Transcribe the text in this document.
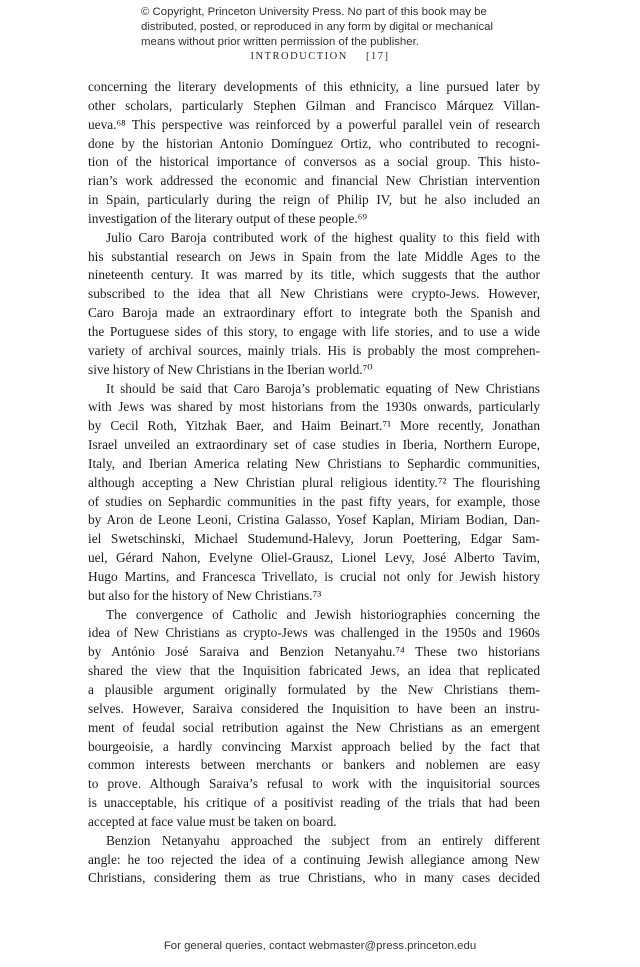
© Copyright, Princeton University Press. No part of this book may be
distributed, posted, or reproduced in any form by digital or mechanical
means without prior written permission of the publisher.
INTRODUCTION [17]
concerning the literary developments of this ethnicity, a line pursued later by
other scholars, particularly Stephen Gilman and Francisco Márquez Villan-
ueva.⁶⁸ This perspective was reinforced by a powerful parallel vein of research
done by the historian Antonio Domínguez Ortiz, who contributed to recogni-
tion of the historical importance of conversos as a social group. This histo-
rian’s work addressed the economic and financial New Christian intervention
in Spain, particularly during the reign of Philip IV, but he also included an
investigation of the literary output of these people.⁶⁹
Julio Caro Baroja contributed work of the highest quality to this field with
his substantial research on Jews in Spain from the late Middle Ages to the
nineteenth century. It was marred by its title, which suggests that the author
subscribed to the idea that all New Christians were crypto-Jews. However,
Caro Baroja made an extraordinary effort to integrate both the Spanish and
the Portuguese sides of this story, to engage with life stories, and to use a wide
variety of archival sources, mainly trials. His is probably the most comprehen-
sive history of New Christians in the Iberian world.⁷⁰
It should be said that Caro Baroja’s problematic equating of New Christians
with Jews was shared by most historians from the 1930s onwards, particularly
by Cecil Roth, Yitzhak Baer, and Haim Beinart.⁷¹ More recently, Jonathan
Israel unveiled an extraordinary set of case studies in Iberia, Northern Europe,
Italy, and Iberian America relating New Christians to Sephardic communities,
although accepting a New Christian plural religious identity.⁷² The flourishing
of studies on Sephardic communities in the past fifty years, for example, those
by Aron de Leone Leoni, Cristina Galasso, Yosef Kaplan, Miriam Bodian, Dan-
iel Swetschinski, Michael Studemund-Halevy, Jorun Poettering, Edgar Sam-
uel, Gérard Nahon, Evelyne Oliel-Grausz, Lionel Levy, José Alberto Tavim,
Hugo Martins, and Francesca Trivellato, is crucial not only for Jewish history
but also for the history of New Christians.⁷³
The convergence of Catholic and Jewish historiographies concerning the
idea of New Christians as crypto-Jews was challenged in the 1950s and 1960s
by António José Saraiva and Benzion Netanyahu.⁷⁴ These two historians
shared the view that the Inquisition fabricated Jews, an idea that replicated
a plausible argument originally formulated by the New Christians them-
selves. However, Saraiva considered the Inquisition to have been an instru-
ment of feudal social retribution against the New Christians as an emergent
bourgeoisie, a hardly convincing Marxist approach belied by the fact that
common interests between merchants or bankers and noblemen are easy
to prove. Although Saraiva’s refusal to work with the inquisitorial sources
is unacceptable, his critique of a positivist reading of the trials that had been
accepted at face value must be taken on board.
Benzion Netanyahu approached the subject from an entirely different
angle: he too rejected the idea of a continuing Jewish allegiance among New
Christians, considering them as true Christians, who in many cases decided
For general queries, contact webmaster@press.princeton.edu
